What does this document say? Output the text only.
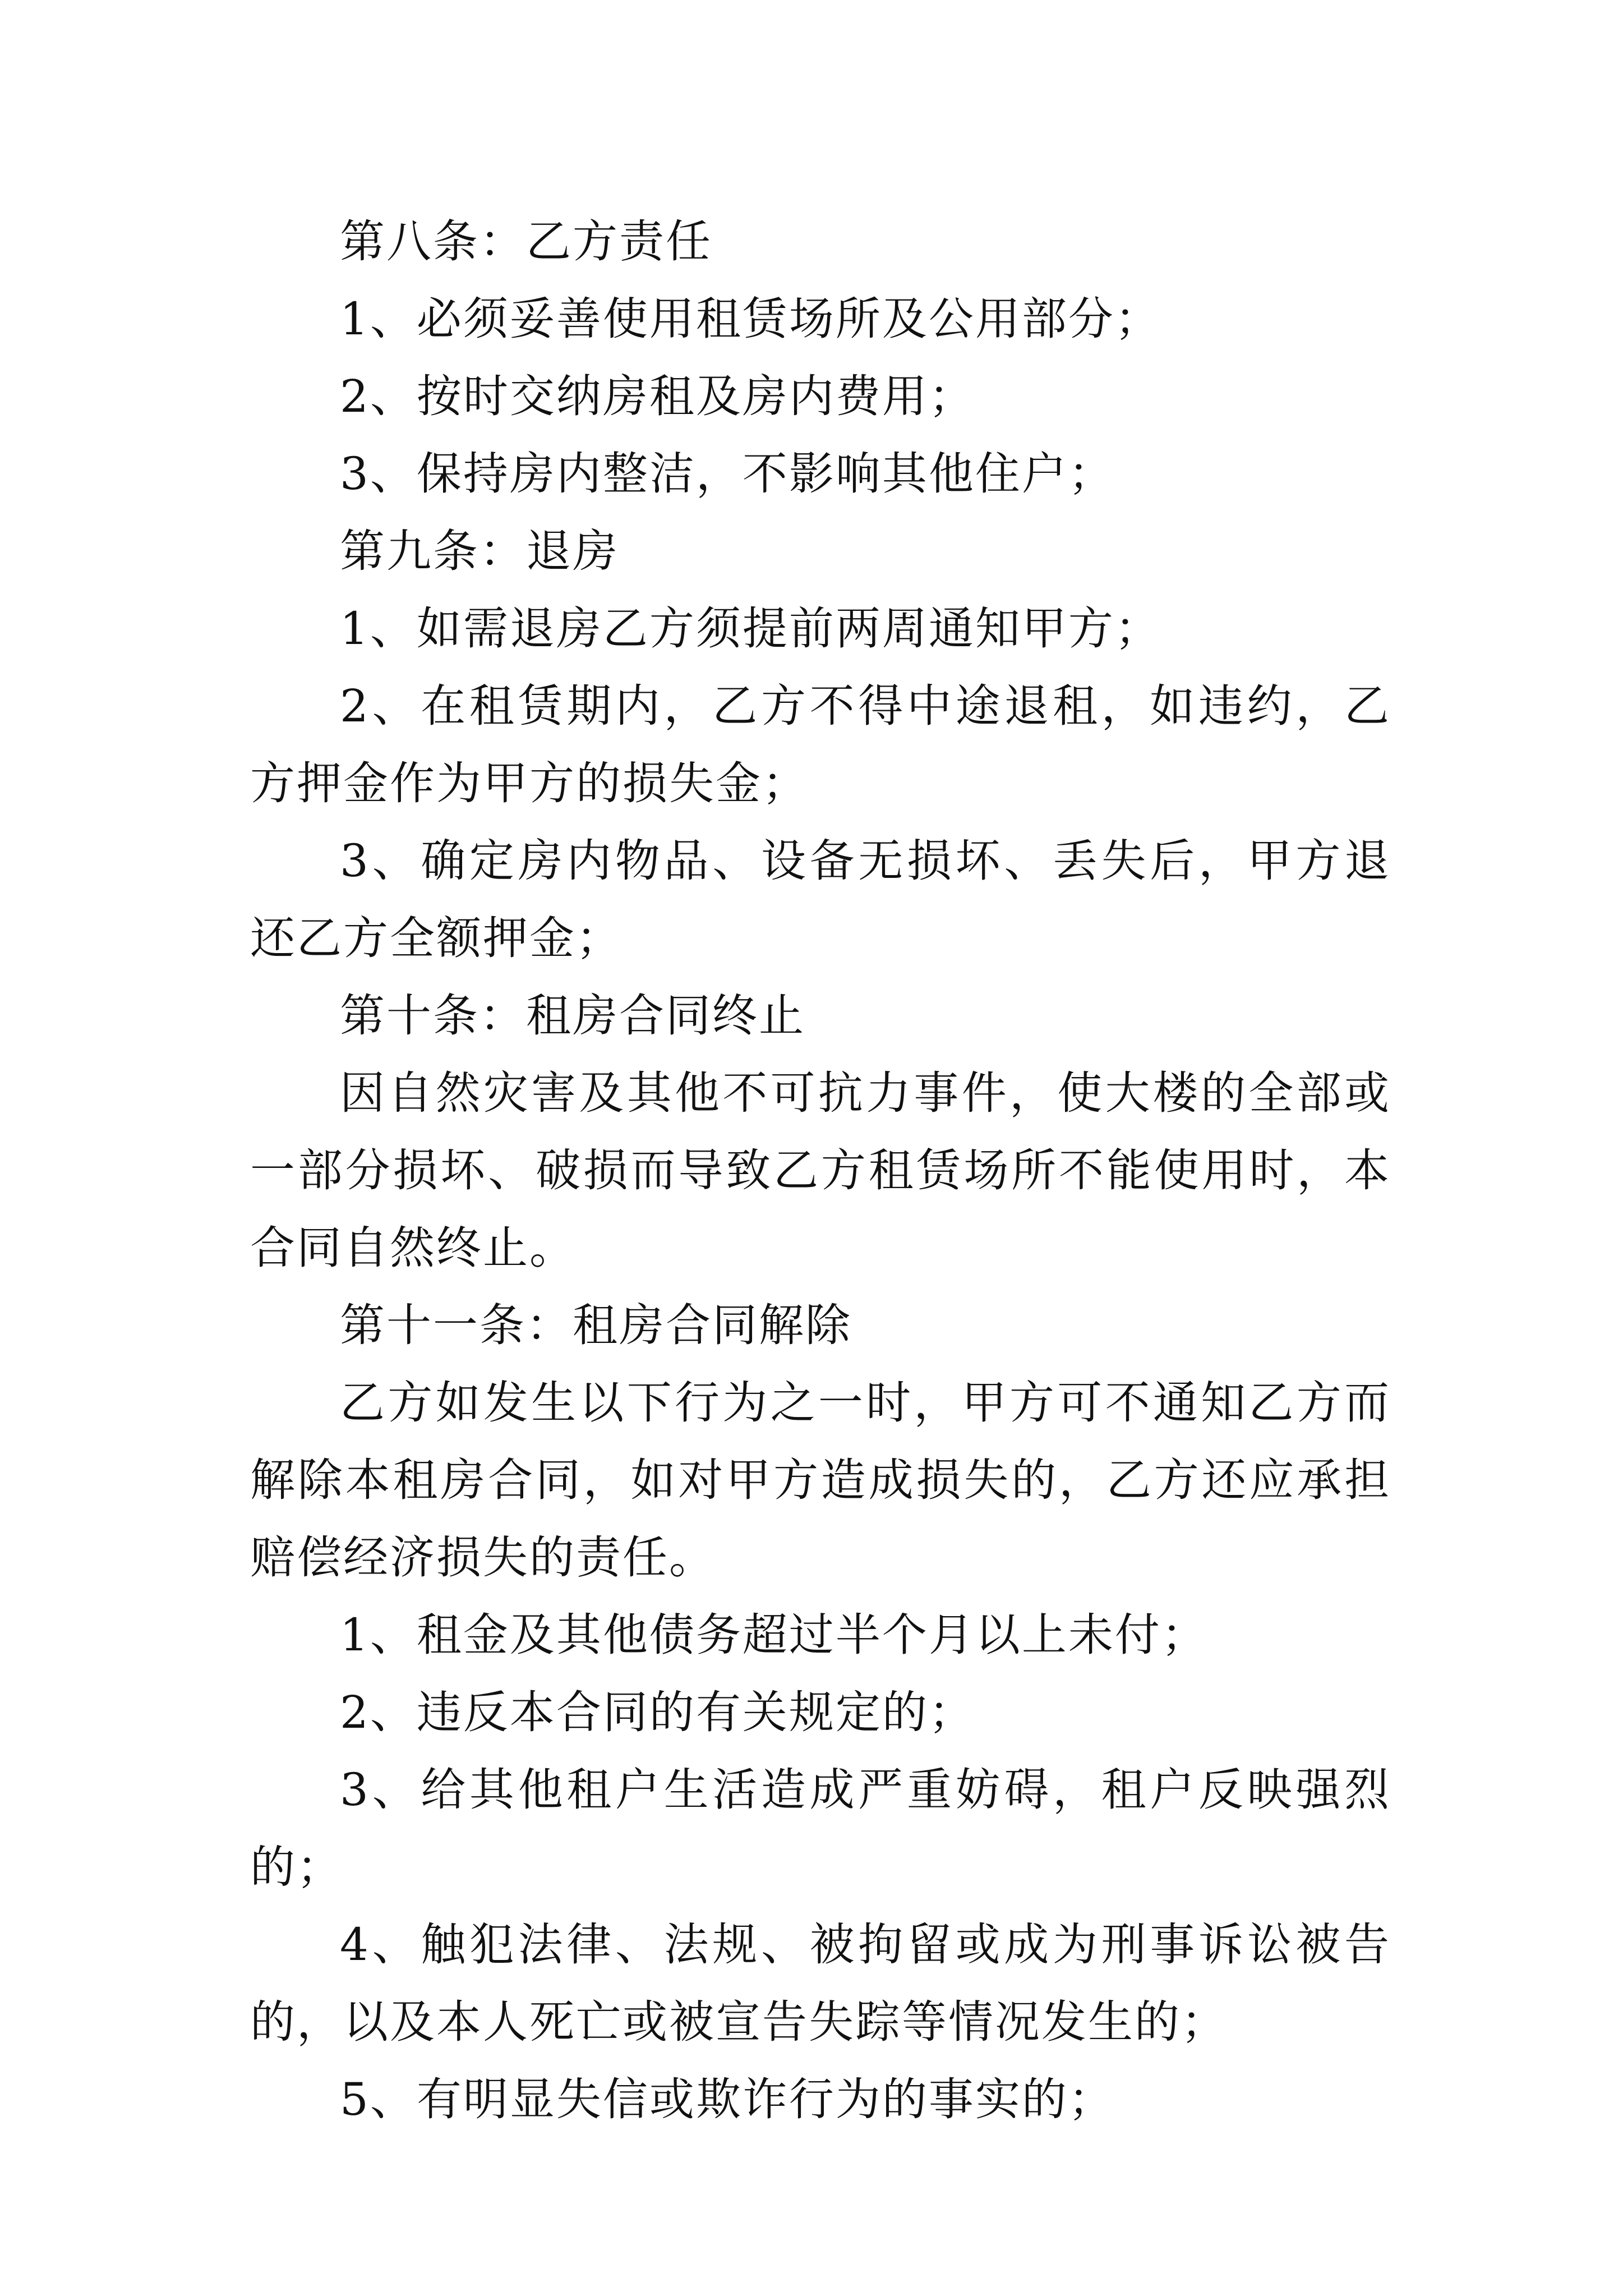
第八条：乙方责任

1、必须妥善使用租赁场所及公用部分；

2、按时交纳房租及房内费用；

3、保持房内整洁，不影响其他住户；

第九条：退房

1、如需退房乙方须提前两周通知甲方；

2、在租赁期内，乙方不得中途退租，如违约，乙方押金作为甲方的损失金；

3、确定房内物品、设备无损坏、丢失后，甲方退还乙方全额押金；

第十条：租房合同终止

因自然灾害及其他不可抗力事件，使大楼的全部或一部分损坏、破损而导致乙方租赁场所不能使用时，本合同自然终止。

第十一条：租房合同解除

乙方如发生以下行为之一时，甲方可不通知乙方而解除本租房合同，如对甲方造成损失的，乙方还应承担赔偿经济损失的责任。

1、租金及其他债务超过半个月以上未付；

2、违反本合同的有关规定的；

3、给其他租户生活造成严重妨碍，租户反映强烈的；

4、触犯法律、法规、被拘留或成为刑事诉讼被告的，以及本人死亡或被宣告失踪等情况发生的；

5、有明显失信或欺诈行为的事实的；
